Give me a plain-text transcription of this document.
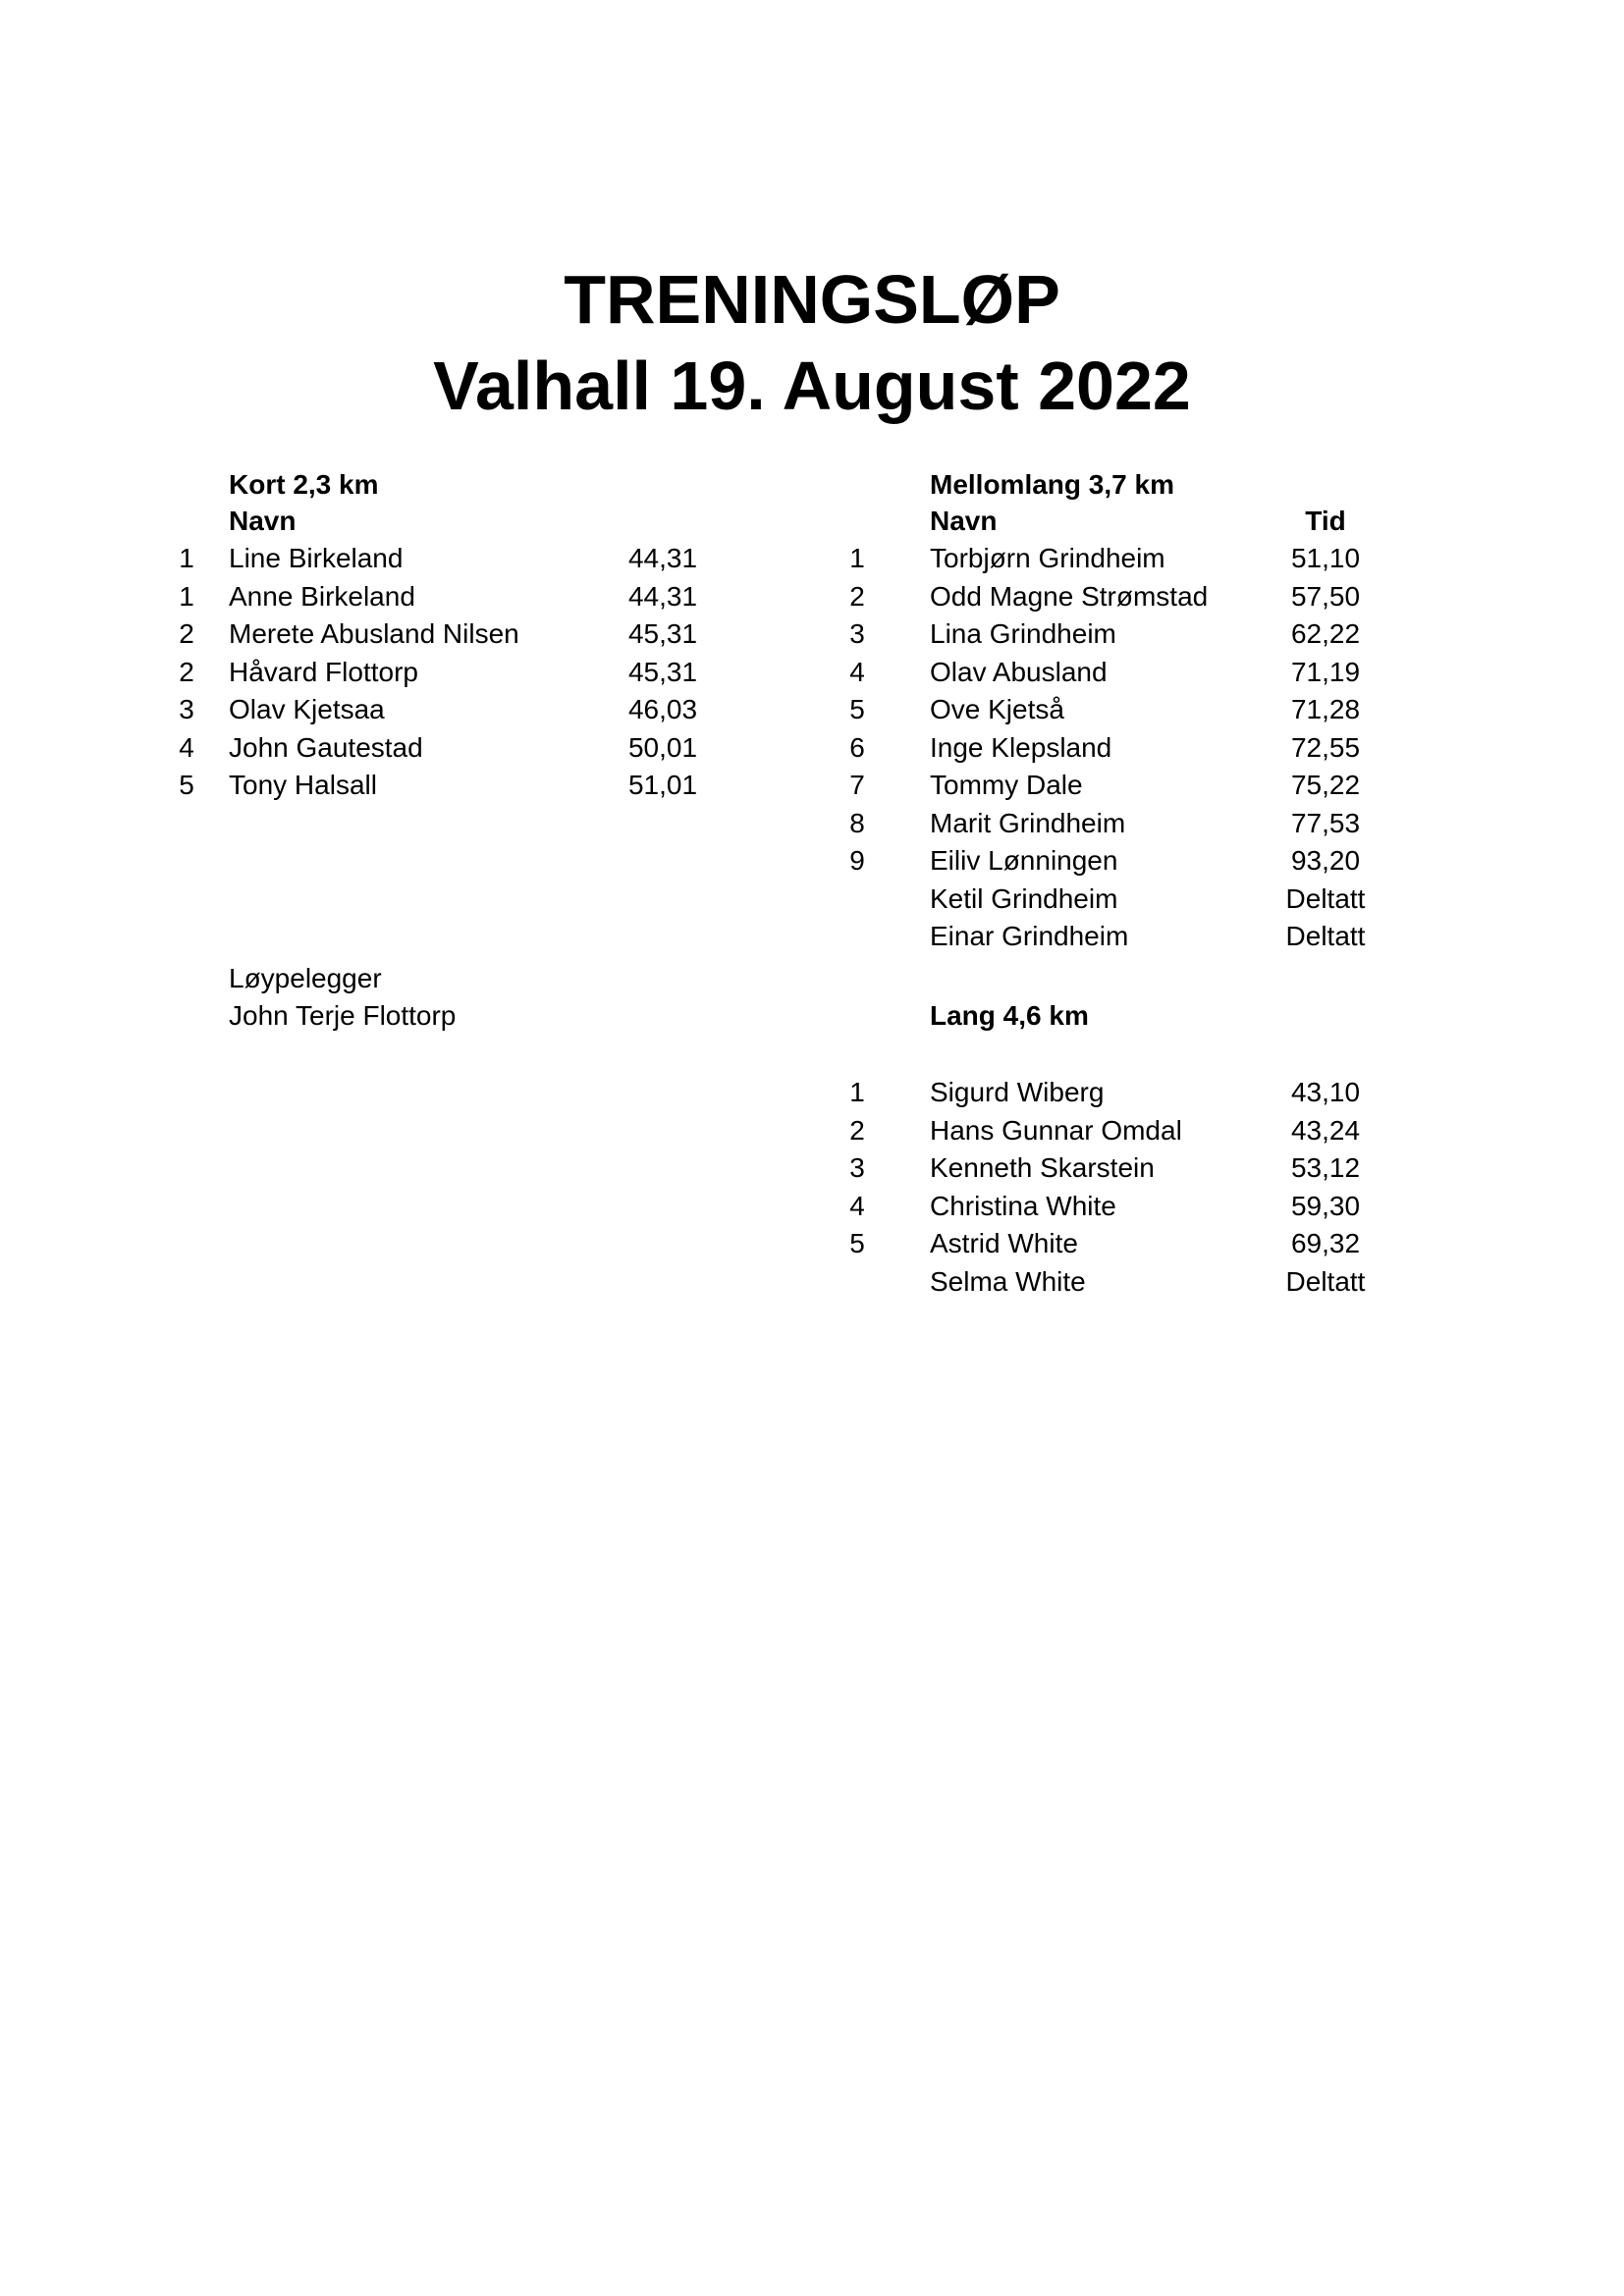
TRENINGSLØP
Valhall 19. August 2022
Kort 2,3 km
Navn
1	Line Birkeland	44,31
1	Anne Birkeland	44,31
2	Merete Abusland Nilsen	45,31
2	Håvard Flottorp	45,31
3	Olav Kjetsaa	46,03
4	John Gautestad	50,01
5	Tony Halsall	51,01
Løypelegger
John Terje Flottorp
Mellomlang 3,7 km
Navn	Tid
1	Torbjørn Grindheim	51,10
2	Odd Magne Strømstad	57,50
3	Lina Grindheim	62,22
4	Olav Abusland	71,19
5	Ove Kjetså	71,28
6	Inge Klepsland	72,55
7	Tommy Dale	75,22
8	Marit Grindheim	77,53
9	Eiliv Lønningen	93,20
Ketil Grindheim	Deltatt
Einar Grindheim	Deltatt
Lang 4,6 km
1	Sigurd Wiberg	43,10
2	Hans Gunnar Omdal	43,24
3	Kenneth Skarstein	53,12
4	Christina White	59,30
5	Astrid White	69,32
Selma White	Deltatt
